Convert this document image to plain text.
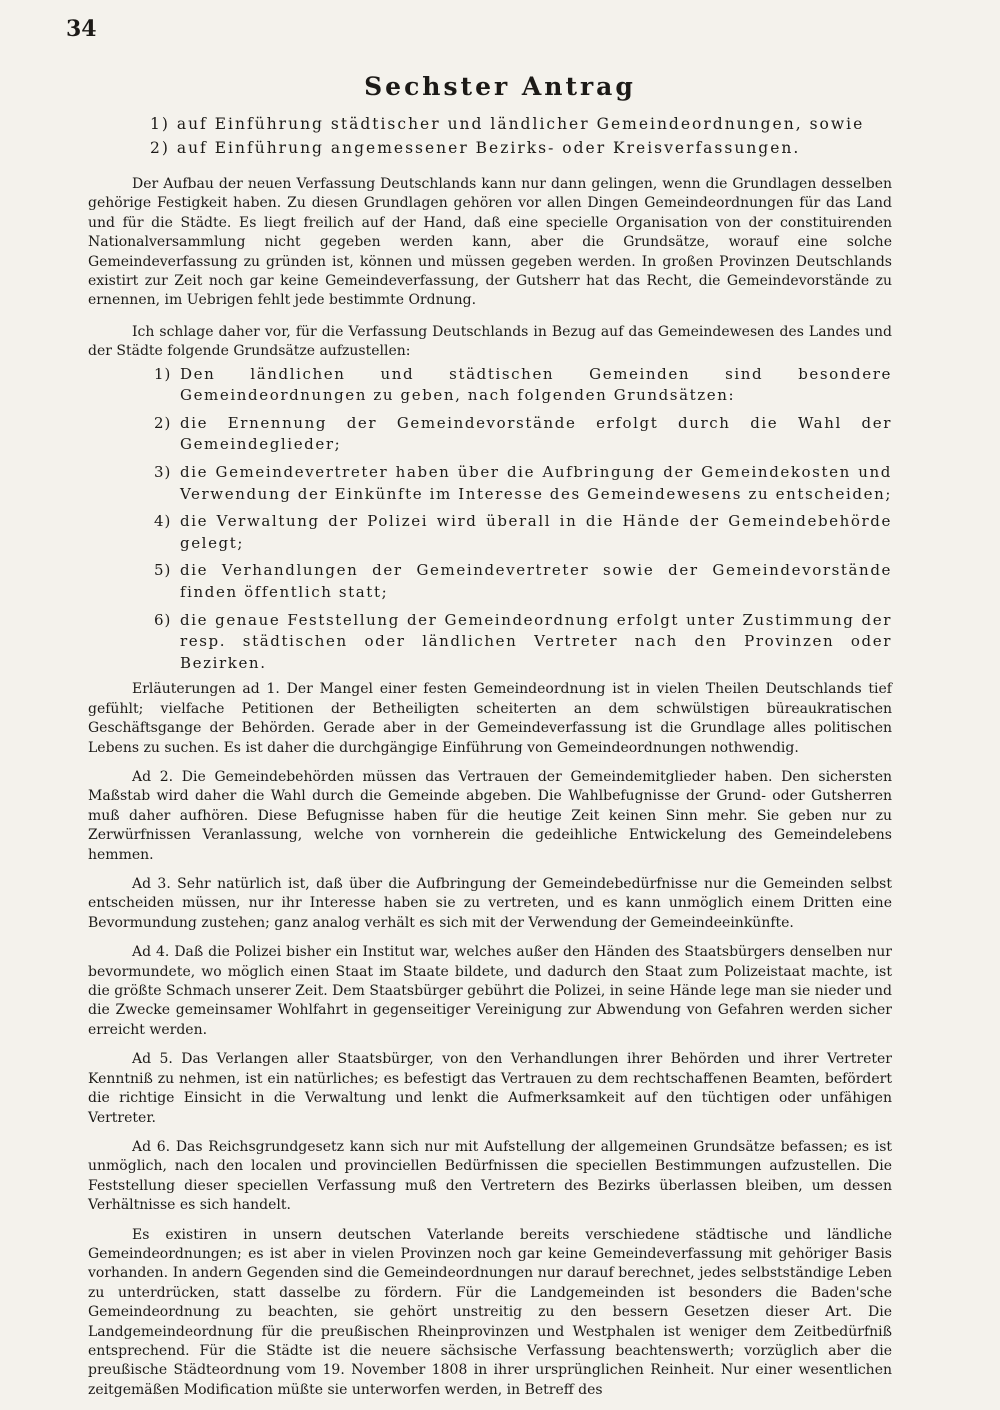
34
Sechster Antrag
1) auf Einführung städtischer und ländlicher Gemeindeordnungen, sowie
2) auf Einführung angemessener Bezirks- oder Kreisverfassungen.

Der Aufbau der neuen Verfassung Deutschlands kann nur dann gelingen, wenn die Grundlagen desselben gehörige Festigkeit haben. Zu diesen Grundlagen gehören vor allen Dingen Gemeindeordnungen für das Land und für die Städte. Es liegt freilich auf der Hand, daß eine specielle Organisation von der constituirenden Nationalversammlung nicht gegeben werden kann, aber die Grundsätze, worauf eine solche Gemeindeverfassung zu gründen ist, können und müssen gegeben werden. In großen Provinzen Deutschlands existirt zur Zeit noch gar keine Gemeindeverfassung, der Gutsherr hat das Recht, die Gemeindevorstände zu ernennen, im Uebrigen fehlt jede bestimmte Ordnung.

Ich schlage daher vor, für die Verfassung Deutschlands in Bezug auf das Gemeindewesen des Landes und der Städte folgende Grundsätze aufzustellen:

1) Den ländlichen und städtischen Gemeinden sind besondere Gemeindeordnungen zu geben, nach folgenden Grundsätzen:
2) die Ernennung der Gemeindevorstände erfolgt durch die Wahl der Gemeindeglieder;
3) die Gemeindevertreter haben über die Aufbringung der Gemeindekosten und Verwendung der Einkünfte im Interesse des Gemeindewesens zu entscheiden;
4) die Verwaltung der Polizei wird überall in die Hände der Gemeindebehörde gelegt;
5) die Verhandlungen der Gemeindevertreter sowie der Gemeindevorstände finden öffentlich statt;
6) die genaue Feststellung der Gemeindeordnung erfolgt unter Zustimmung der resp. städtischen oder ländlichen Vertreter nach den Provinzen oder Bezirken.

Erläuterungen ad 1. Der Mangel einer festen Gemeindeordnung ist in vielen Theilen Deutschlands tief gefühlt; vielfache Petitionen der Betheiligten scheiterten an dem schwülstigen büreaukratischen Geschäftsgange der Behörden. Gerade aber in der Gemeindeverfassung ist die Grundlage alles politischen Lebens zu suchen. Es ist daher die durchgängige Einführung von Gemeindeordnungen nothwendig.

Ad 2. Die Gemeindebehörden müssen das Vertrauen der Gemeindemitglieder haben. Den sichersten Maßstab wird daher die Wahl durch die Gemeinde abgeben. Die Wahlbefugnisse der Grund- oder Gutsherren muß daher aufhören. Diese Befugnisse haben für die heutige Zeit keinen Sinn mehr. Sie geben nur zu Zerwürfnissen Veranlassung, welche von vornherein die gedeihliche Entwickelung des Gemeindelebens hemmen.

Ad 3. Sehr natürlich ist, daß über die Aufbringung der Gemeindebedürfnisse nur die Gemeinden selbst entscheiden müssen, nur ihr Interesse haben sie zu vertreten, und es kann unmöglich einem Dritten eine Bevormundung zustehen; ganz analog verhält es sich mit der Verwendung der Gemeindeeinkünfte.

Ad 4. Daß die Polizei bisher ein Institut war, welches außer den Händen des Staatsbürgers denselben nur bevormundete, wo möglich einen Staat im Staate bildete, und dadurch den Staat zum Polizeistaat machte, ist die größte Schmach unserer Zeit. Dem Staatsbürger gebührt die Polizei, in seine Hände lege man sie nieder und die Zwecke gemeinsamer Wohlfahrt in gegenseitiger Vereinigung zur Abwendung von Gefahren werden sicher erreicht werden.

Ad 5. Das Verlangen aller Staatsbürger, von den Verhandlungen ihrer Behörden und ihrer Vertreter Kenntniß zu nehmen, ist ein natürliches; es befestigt das Vertrauen zu dem rechtschaffenen Beamten, befördert die richtige Einsicht in die Verwaltung und lenkt die Aufmerksamkeit auf den tüchtigen oder unfähigen Vertreter.

Ad 6. Das Reichsgrundgesetz kann sich nur mit Aufstellung der allgemeinen Grundsätze befassen; es ist unmöglich, nach den localen und provinciellen Bedürfnissen die speciellen Bestimmungen aufzustellen. Die Feststellung dieser speciellen Verfassung muß den Vertretern des Bezirks überlassen bleiben, um dessen Verhältnisse es sich handelt.

Es existiren in unsern deutschen Vaterlande bereits verschiedene städtische und ländliche Gemeindeordnungen; es ist aber in vielen Provinzen noch gar keine Gemeindeverfassung mit gehöriger Basis vorhanden. In andern Gegenden sind die Gemeindeordnungen nur darauf berechnet, jedes selbstständige Leben zu unterdrücken, statt dasselbe zu fördern. Für die Landgemeinden ist besonders die Baden'sche Gemeindeordnung zu beachten, sie gehört unstreitig zu den bessern Gesetzen dieser Art. Die Landgemeindeordnung für die preußischen Rheinprovinzen und Westphalen ist weniger dem Zeitbedürfniß entsprechend. Für die Städte ist die neuere sächsische Verfassung beachtenswerth; vorzüglich aber die preußische Städteordnung vom 19. November 1808 in ihrer ursprünglichen Reinheit. Nur einer wesentlichen zeitgemäßen Modification müßte sie unterworfen werden, in Betreff des
